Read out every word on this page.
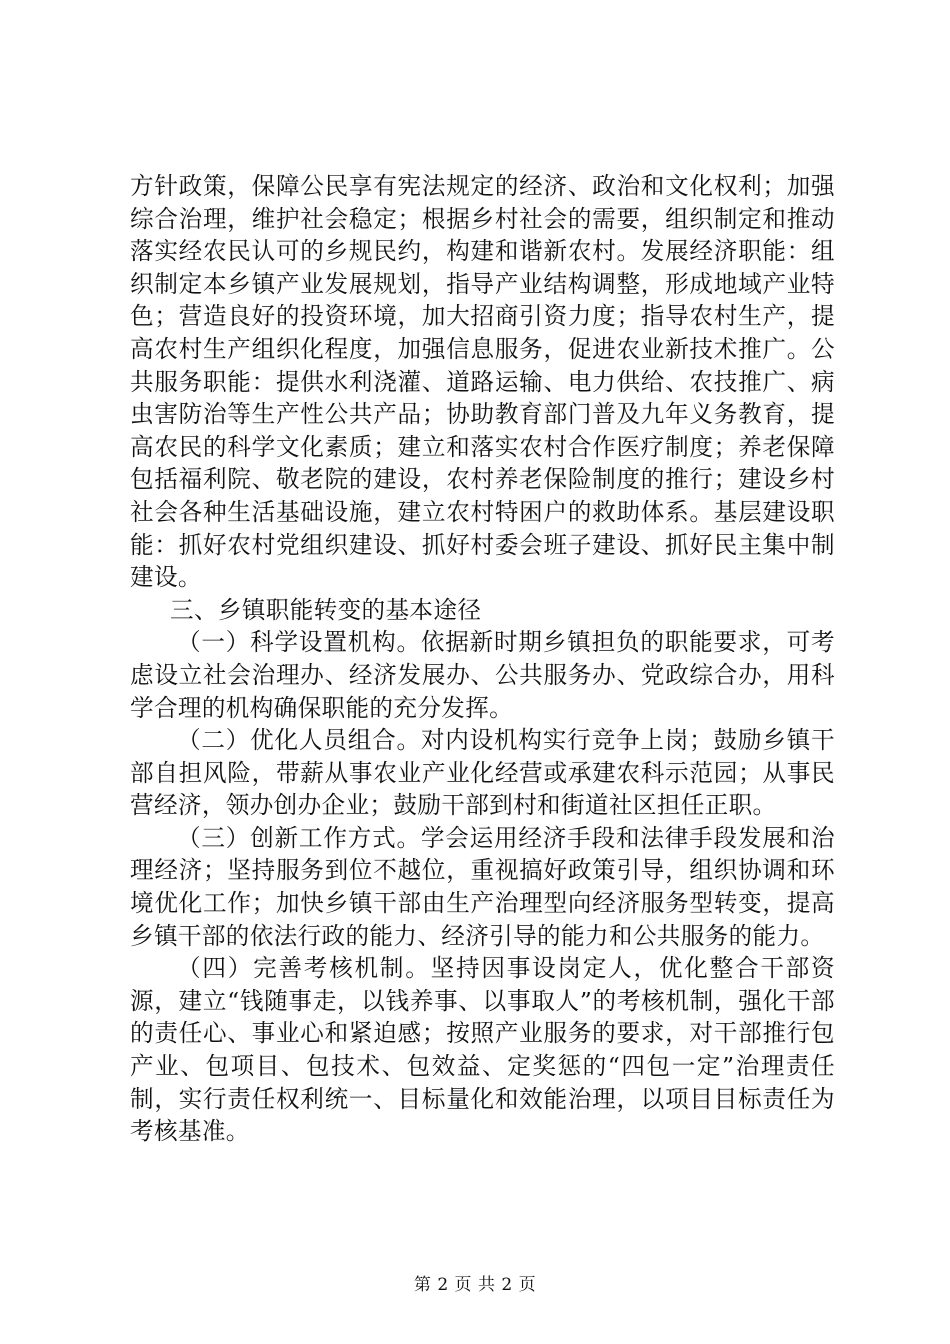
方针政策，保障公民享有宪法规定的经济、政治和文化权利；加强综合治理，维护社会稳定；根据乡村社会的需要，组织制定和推动落实经农民认可的乡规民约，构建和谐新农村。发展经济职能：组织制定本乡镇产业发展规划，指导产业结构调整，形成地域产业特色；营造良好的投资环境，加大招商引资力度；指导农村生产，提高农村生产组织化程度，加强信息服务，促进农业新技术推广。公共服务职能：提供水利浇灌、道路运输、电力供给、农技推广、病虫害防治等生产性公共产品；协助教育部门普及九年义务教育，提高农民的科学文化素质；建立和落实农村合作医疗制度；养老保障包括福利院、敬老院的建设，农村养老保险制度的推行；建设乡村社会各种生活基础设施，建立农村特困户的救助体系。基层建设职能：抓好农村党组织建设、抓好村委会班子建设、抓好民主集中制建设。

三、乡镇职能转变的基本途径

（一）科学设置机构。依据新时期乡镇担负的职能要求，可考虑设立社会治理办、经济发展办、公共服务办、党政综合办，用科学合理的机构确保职能的充分发挥。

（二）优化人员组合。对内设机构实行竞争上岗；鼓励乡镇干部自担风险，带薪从事农业产业化经营或承建农科示范园；从事民营经济，领办创办企业；鼓励干部到村和街道社区担任正职。

（三）创新工作方式。学会运用经济手段和法律手段发展和治理经济；坚持服务到位不越位，重视搞好政策引导，组织协调和环境优化工作；加快乡镇干部由生产治理型向经济服务型转变，提高乡镇干部的依法行政的能力、经济引导的能力和公共服务的能力。

（四）完善考核机制。坚持因事设岗定人，优化整合干部资源，建立“钱随事走，以钱养事、以事取人”的考核机制，强化干部的责任心、事业心和紧迫感；按照产业服务的要求，对干部推行包产业、包项目、包技术、包效益、定奖惩的“四包一定”治理责任制，实行责任权利统一、目标量化和效能治理，以项目目标责任为考核基准。

第 2 页 共 2 页
